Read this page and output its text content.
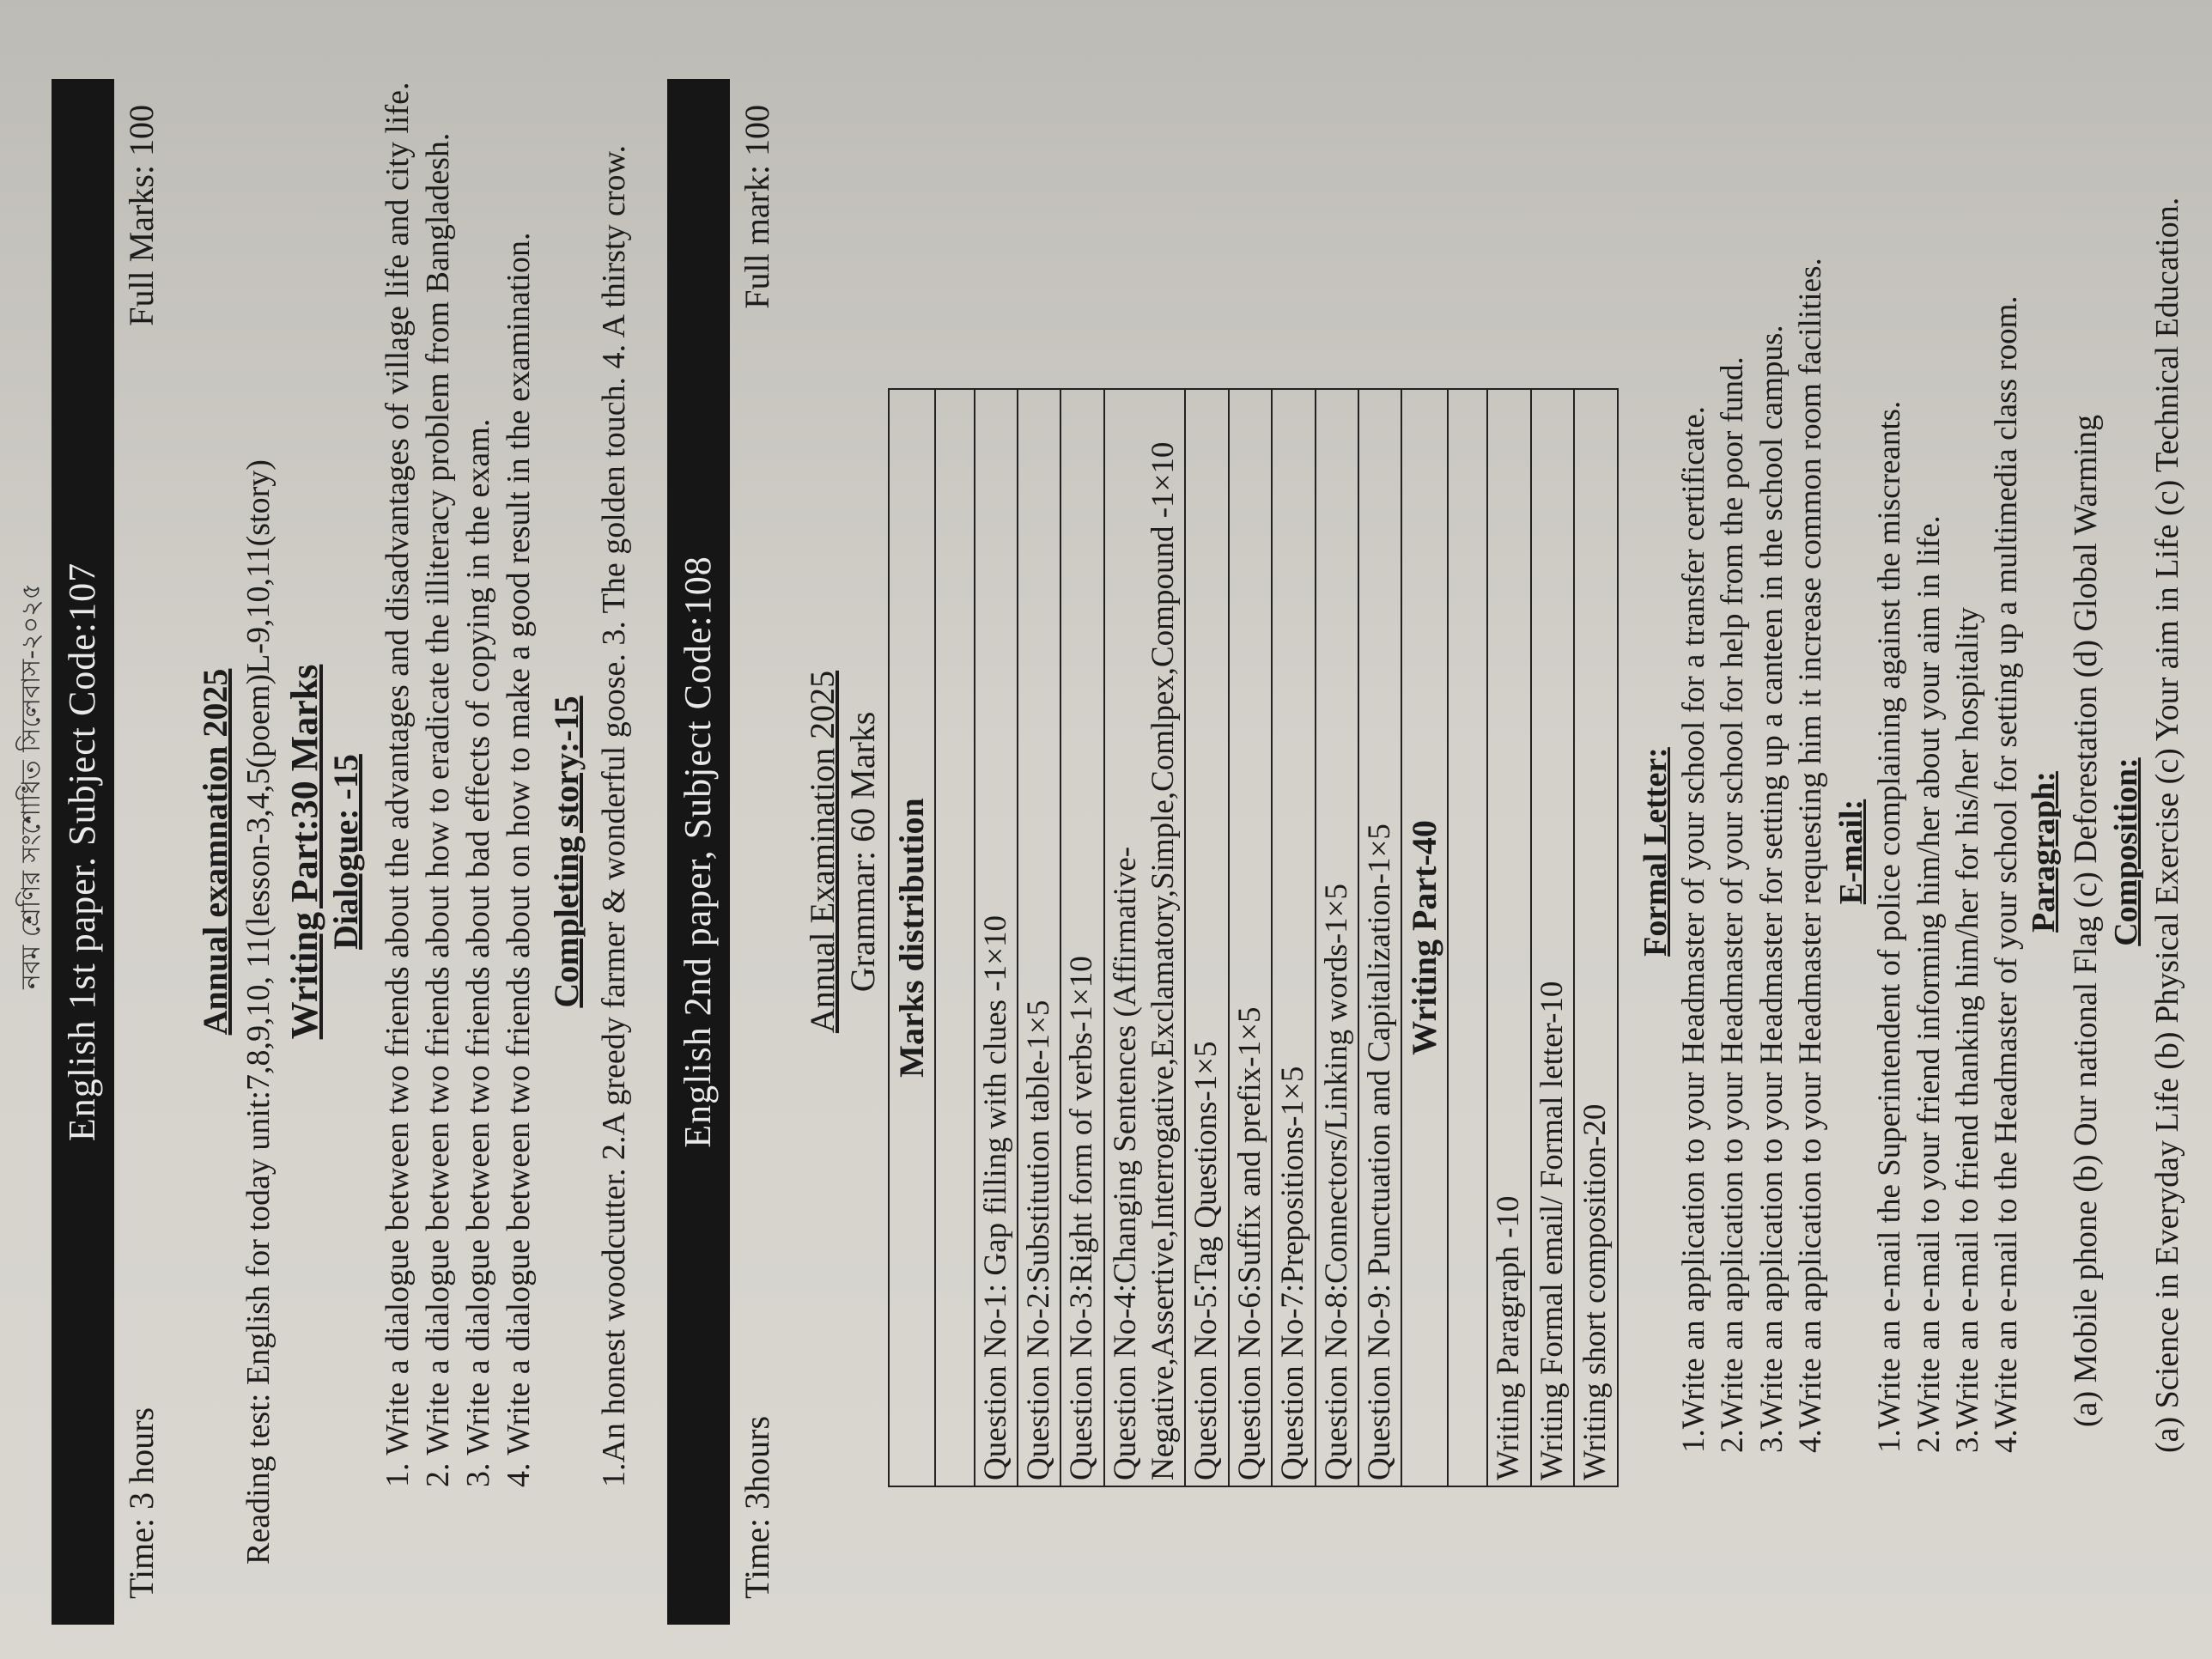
নবম শ্রেণির সংশোধিত সিলেবাস-২০২৫ English 1st paper. Subject Code:107
Time: 3 hours
Full Marks: 100
Annual examnation 2025 Reading test: English for today unit:7,8,9,10, 11(lesson-3,4,5(poem)L-9,10,11(story) Writing Part:30 Marks Dialogue: -15 1. Write a dialogue between two friends about the advantages and disadvantages of village life and city life. 2. Write a dialogue between two friends about how to eradicate the illiteracy problem from Bangladesh. 3. Write a dialogue between two friends about bad effects of copying in the exam. 4. Write a dialogue between two friends about on how to make a good result in the examination. Completing story:-15 1.An honest woodcutter. 2.A greedy farmer & wonderful goose. 3. The golden touch. 4. A thirsty crow. English 2nd paper, Subject Code:108
Time: 3hours
Full mark: 100
Annual Examination 2025 Grammar: 60 Marks Marks distribution

Question No-1: Gap filling with clues -1×10
Question No-2:Substitution table-1×5
Question No-3:Right form of verbs-1×10
Question No-4:Changing Sentences (Affirmative-Negative,Assertive,Interrogative,Exclamatory,Simple,Comlpex,Compound -1×10
Question No-5:Tag Questions-1×5
Question No-6:Suffix and prefix-1×5
Question No-7:Prepositions-1×5
Question No-8:Connectors/Linking words-1×5
Question No-9: Punctuation and Capitalization-1×5
Writing Part-40

Writing Paragraph -10
Writing Formal email/ Formal letter-10
Writing short composition-20
Formal Letter: 1.Write an application to your Headmaster of your school for a transfer certificate. 2.Write an application to your Headmaster of your school for help from the poor fund. 3.Write an application to your Headmaster for setting up a canteen in the school campus. 4.Write an application to your Headmaster requesting him it increase common room facilities. E-mail: 1.Write an e-mail the Superintendent of police complaining against the miscreants. 2.Write an e-mail to your friend informing him/her about your aim in life. 3.Write an e-mail to friend thanking him/her for his/her hospitality 4.Write an e-mail to the Headmaster of your school for setting up a multimedia class room. Paragraph: (a) Mobile phone (b) Our national Flag (c) Deforestation (d) Global Warming Composition: (a) Science in Everyday Life (b) Physical Exercise (c) Your aim in Life (c) Technical Education.
